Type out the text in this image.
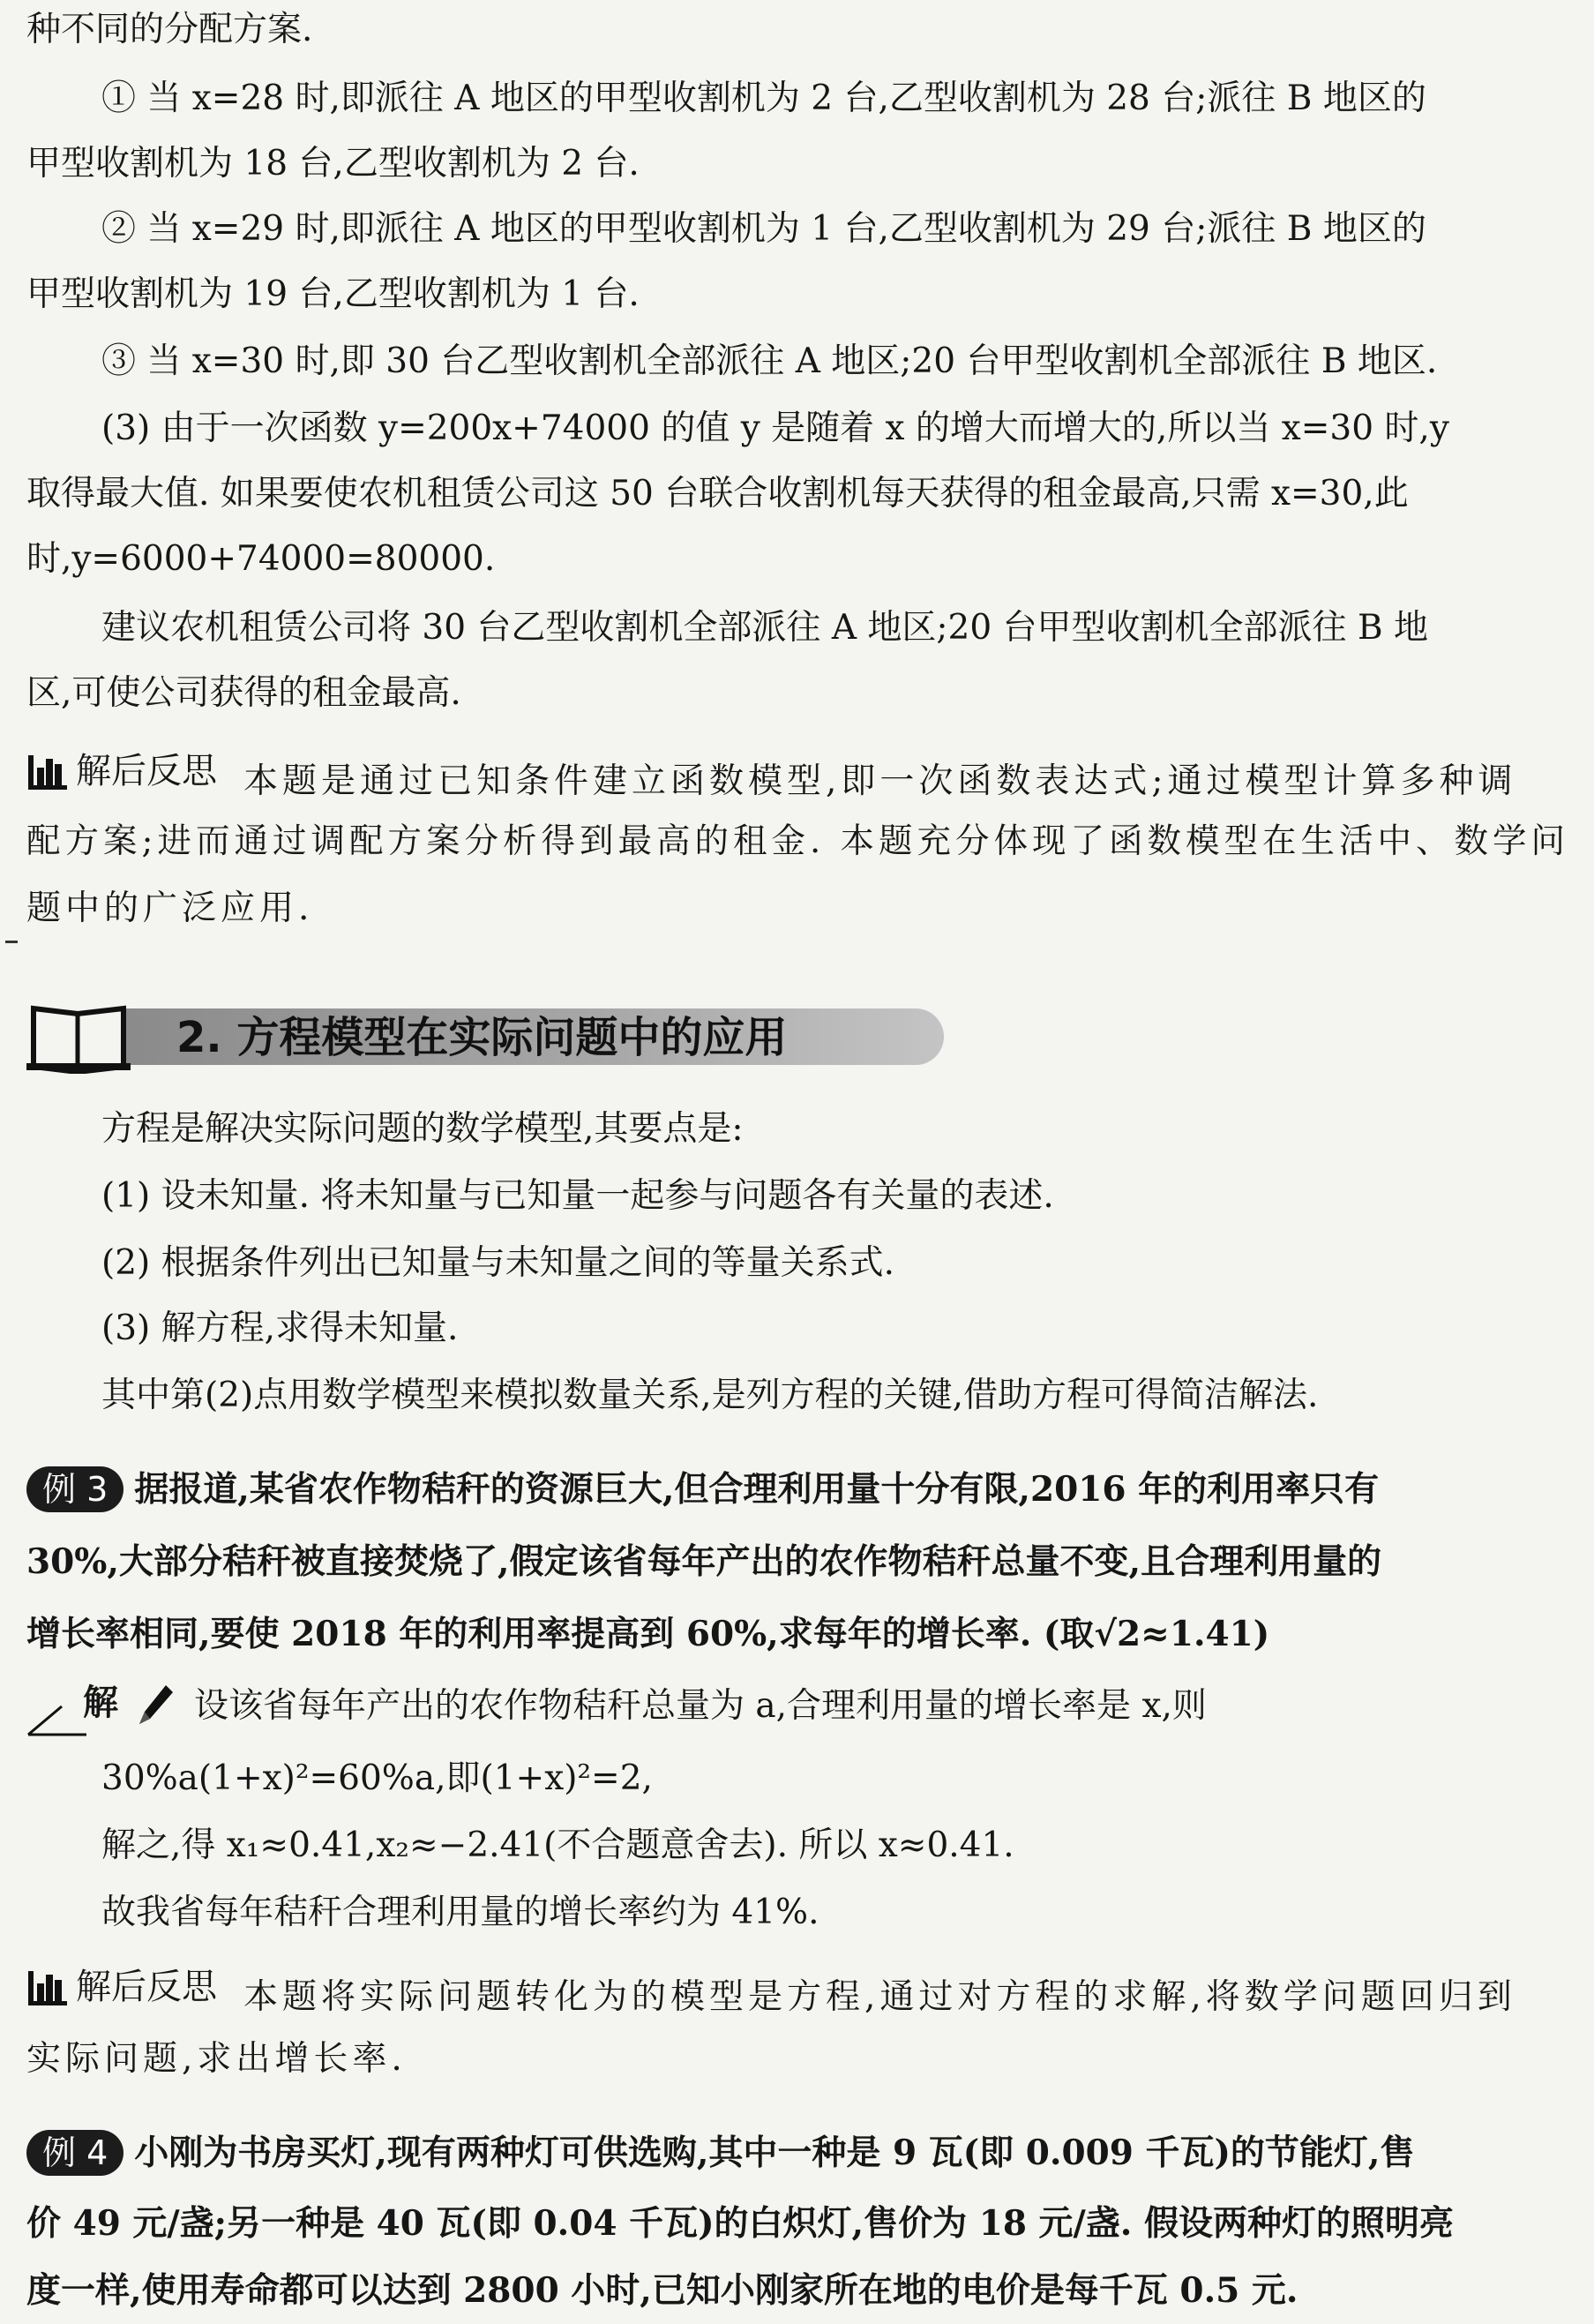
种不同的分配方案.
① 当 x=28 时,即派往 A 地区的甲型收割机为 2 台,乙型收割机为 28 台;派往 B 地区的
甲型收割机为 18 台,乙型收割机为 2 台.
② 当 x=29 时,即派往 A 地区的甲型收割机为 1 台,乙型收割机为 29 台;派往 B 地区的
甲型收割机为 19 台,乙型收割机为 1 台.
③ 当 x=30 时,即 30 台乙型收割机全部派往 A 地区;20 台甲型收割机全部派往 B 地区.
(3) 由于一次函数 y=200x+74000 的值 y 是随着 x 的增大而增大的,所以当 x=30 时,y
取得最大值. 如果要使农机租赁公司这 50 台联合收割机每天获得的租金最高,只需 x=30,此
时,y=6000+74000=80000.
建议农机租赁公司将 30 台乙型收割机全部派往 A 地区;20 台甲型收割机全部派往 B 地
区,可使公司获得的租金最高.
解后反思 本题是通过已知条件建立函数模型,即一次函数表达式;通过模型计算多种调
配方案;进而通过调配方案分析得到最高的租金. 本题充分体现了函数模型在生活中、数学问
题中的广泛应用.
2. 方程模型在实际问题中的应用
方程是解决实际问题的数学模型,其要点是:
(1) 设未知量. 将未知量与已知量一起参与问题各有关量的表述.
(2) 根据条件列出已知量与未知量之间的等量关系式.
(3) 解方程,求得未知量.
其中第(2)点用数学模型来模拟数量关系,是列方程的关键,借助方程可得简洁解法.
例 3 据报道,某省农作物秸秆的资源巨大,但合理利用量十分有限,2016 年的利用率只有
30%,大部分秸秆被直接焚烧了,假定该省每年产出的农作物秸秆总量不变,且合理利用量的
增长率相同,要使 2018 年的利用率提高到 60%,求每年的增长率. (取√2≈1.41)
解 设该省每年产出的农作物秸秆总量为 a,合理利用量的增长率是 x,则
30%a(1+x)²=60%a,即(1+x)²=2,
解之,得 x₁≈0.41,x₂≈−2.41(不合题意舍去). 所以 x≈0.41.
故我省每年秸秆合理利用量的增长率约为 41%.
解后反思 本题将实际问题转化为的模型是方程,通过对方程的求解,将数学问题回归到
实际问题,求出增长率.
例 4 小刚为书房买灯,现有两种灯可供选购,其中一种是 9 瓦(即 0.009 千瓦)的节能灯,售
价 49 元/盏;另一种是 40 瓦(即 0.04 千瓦)的白炽灯,售价为 18 元/盏. 假设两种灯的照明亮
度一样,使用寿命都可以达到 2800 小时,已知小刚家所在地的电价是每千瓦 0.5 元.
